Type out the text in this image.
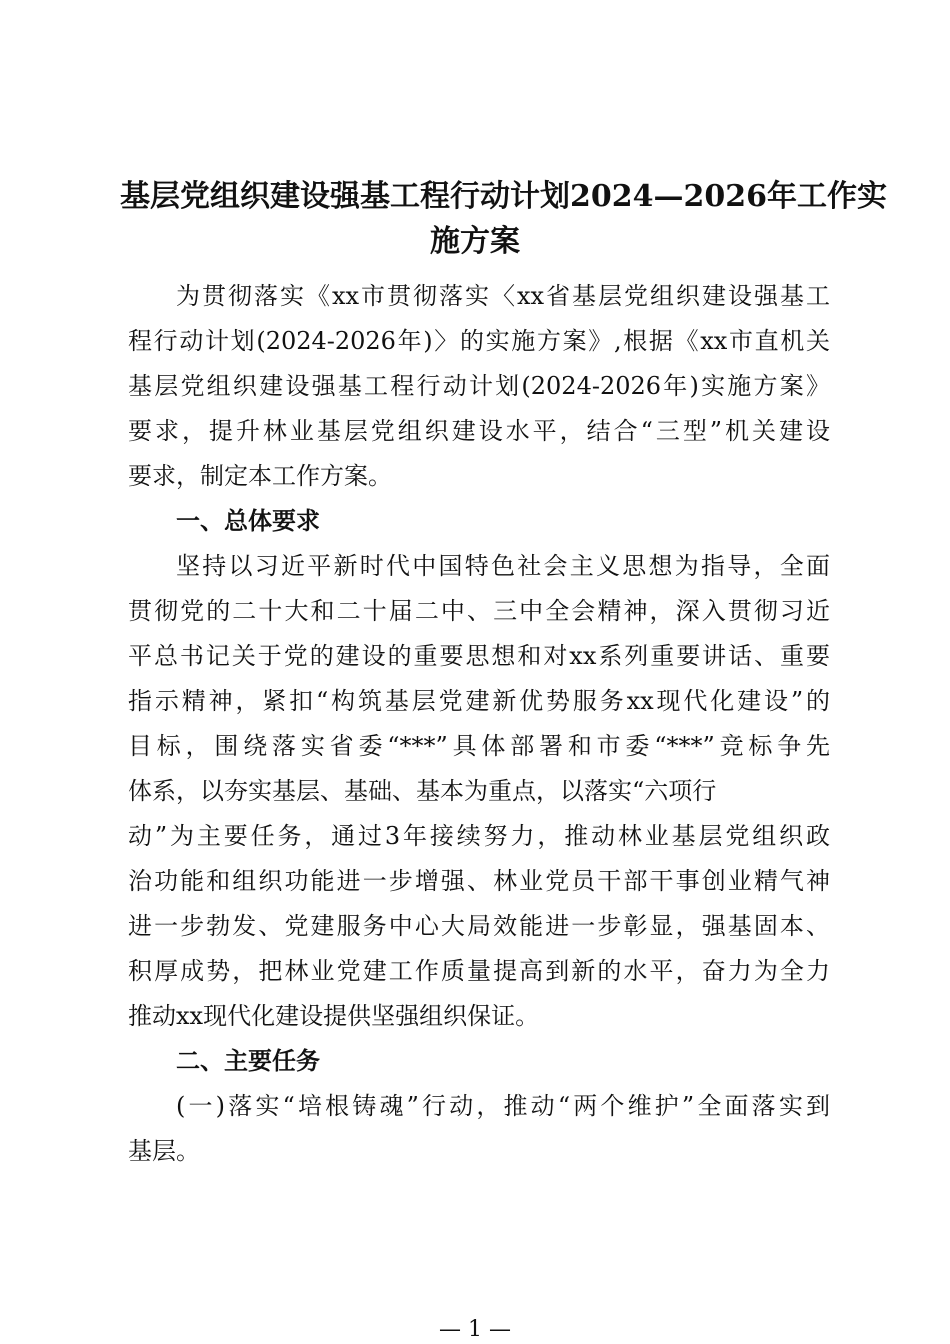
基层党组织建设强基工程行动计划2024—2026年工作实
施方案
为贯彻落实《xx市贯彻落实〈xx省基层党组织建设强基工
程行动计划(2024-2026年)〉的实施方案》,根据《xx市直机关
基层党组织建设强基工程行动计划(2024-2026年)实施方案》
要求，提升林业基层党组织建设水平，结合“三型”机关建设
要求，制定本工作方案。
一、总体要求
坚持以习近平新时代中国特色社会主义思想为指导，全面
贯彻党的二十大和二十届二中、三中全会精神，深入贯彻习近
平总书记关于党的建设的重要思想和对xx系列重要讲话、重要
指示精神，紧扣“构筑基层党建新优势服务xx现代化建设”的
目标，围绕落实省委“***”具体部署和市委“***”竞标争先
体系，以夯实基层、基础、基本为重点，以落实“六项行
动”为主要任务，通过3年接续努力，推动林业基层党组织政
治功能和组织功能进一步增强、林业党员干部干事创业精气神
进一步勃发、党建服务中心大局效能进一步彰显，强基固本、
积厚成势，把林业党建工作质量提高到新的水平，奋力为全力
推动xx现代化建设提供坚强组织保证。
二、主要任务
(一)落实“培根铸魂”行动，推动“两个维护”全面落实到
基层。
— 1 —
